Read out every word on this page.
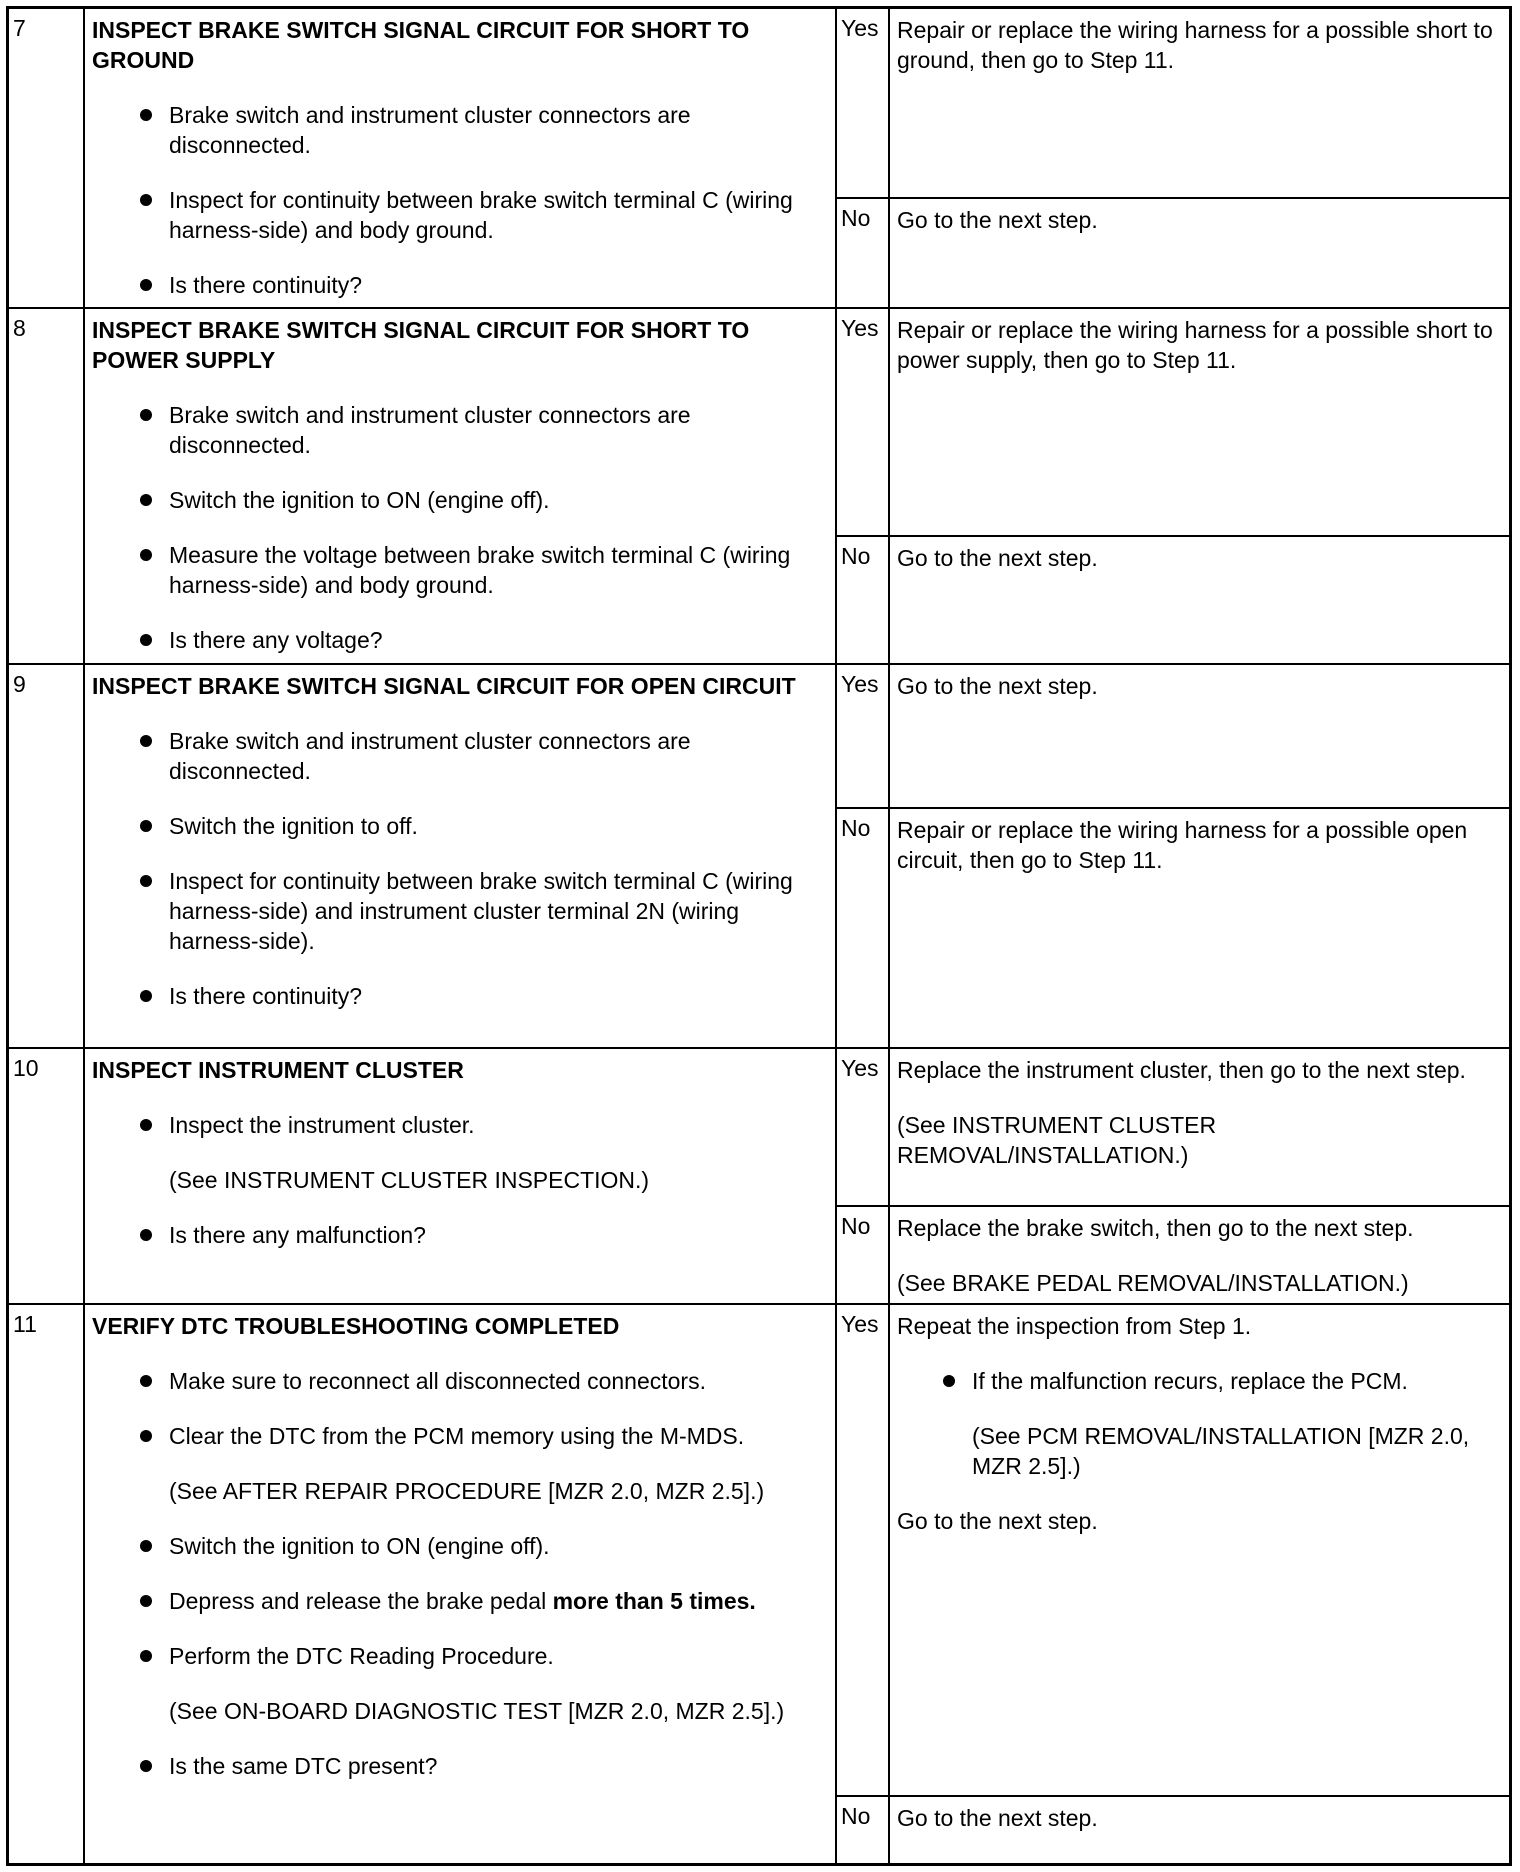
7	INSPECT BRAKE SWITCH SIGNAL CIRCUIT FOR SHORT TO GROUND
Brake switch and instrument cluster connectors are disconnected.
Inspect for continuity between brake switch terminal C (wiring harness-side) and body ground.
Is there continuity?
Yes Repair or replace the wiring harness for a possible short to ground, then go to Step 11.
No	Go to the next step.
8	INSPECT BRAKE SWITCH SIGNAL CIRCUIT FOR SHORT TO POWER SUPPLY
Brake switch and instrument cluster connectors are disconnected.
Switch the ignition to ON (engine off).
Measure the voltage between brake switch terminal C (wiring harness-side) and body ground.
Is there any voltage?
Yes Repair or replace the wiring harness for a possible short to power supply, then go to Step 11.
No	Go to the next step.
9	INSPECT BRAKE SWITCH SIGNAL CIRCUIT FOR OPEN CIRCUIT
Brake switch and instrument cluster connectors are disconnected.
Switch the ignition to off.
Inspect for continuity between brake switch terminal C (wiring harness-side) and instrument cluster terminal 2N (wiring harness-side).
Is there continuity?
Yes Go to the next step.
No	Repair or replace the wiring harness for a possible open circuit, then go to Step 11.
10	INSPECT INSTRUMENT CLUSTER
Inspect the instrument cluster.
(See INSTRUMENT CLUSTER INSPECTION.)
Is there any malfunction?
Yes Replace the instrument cluster, then go to the next step.
(See INSTRUMENT CLUSTER REMOVAL/INSTALLATION.)
No	Replace the brake switch, then go to the next step.
(See BRAKE PEDAL REMOVAL/INSTALLATION.)
11	VERIFY DTC TROUBLESHOOTING COMPLETED
Make sure to reconnect all disconnected connectors.
Clear the DTC from the PCM memory using the M-MDS.
(See AFTER REPAIR PROCEDURE [MZR 2.0, MZR 2.5].)
Switch the ignition to ON (engine off).
Depress and release the brake pedal more than 5 times.
Perform the DTC Reading Procedure.
(See ON-BOARD DIAGNOSTIC TEST [MZR 2.0, MZR 2.5].)
Is the same DTC present?
Yes Repeat the inspection from Step 1.
If the malfunction recurs, replace the PCM.
(See PCM REMOVAL/INSTALLATION [MZR 2.0, MZR 2.5].)
Go to the next step.
No	Go to the next step.
